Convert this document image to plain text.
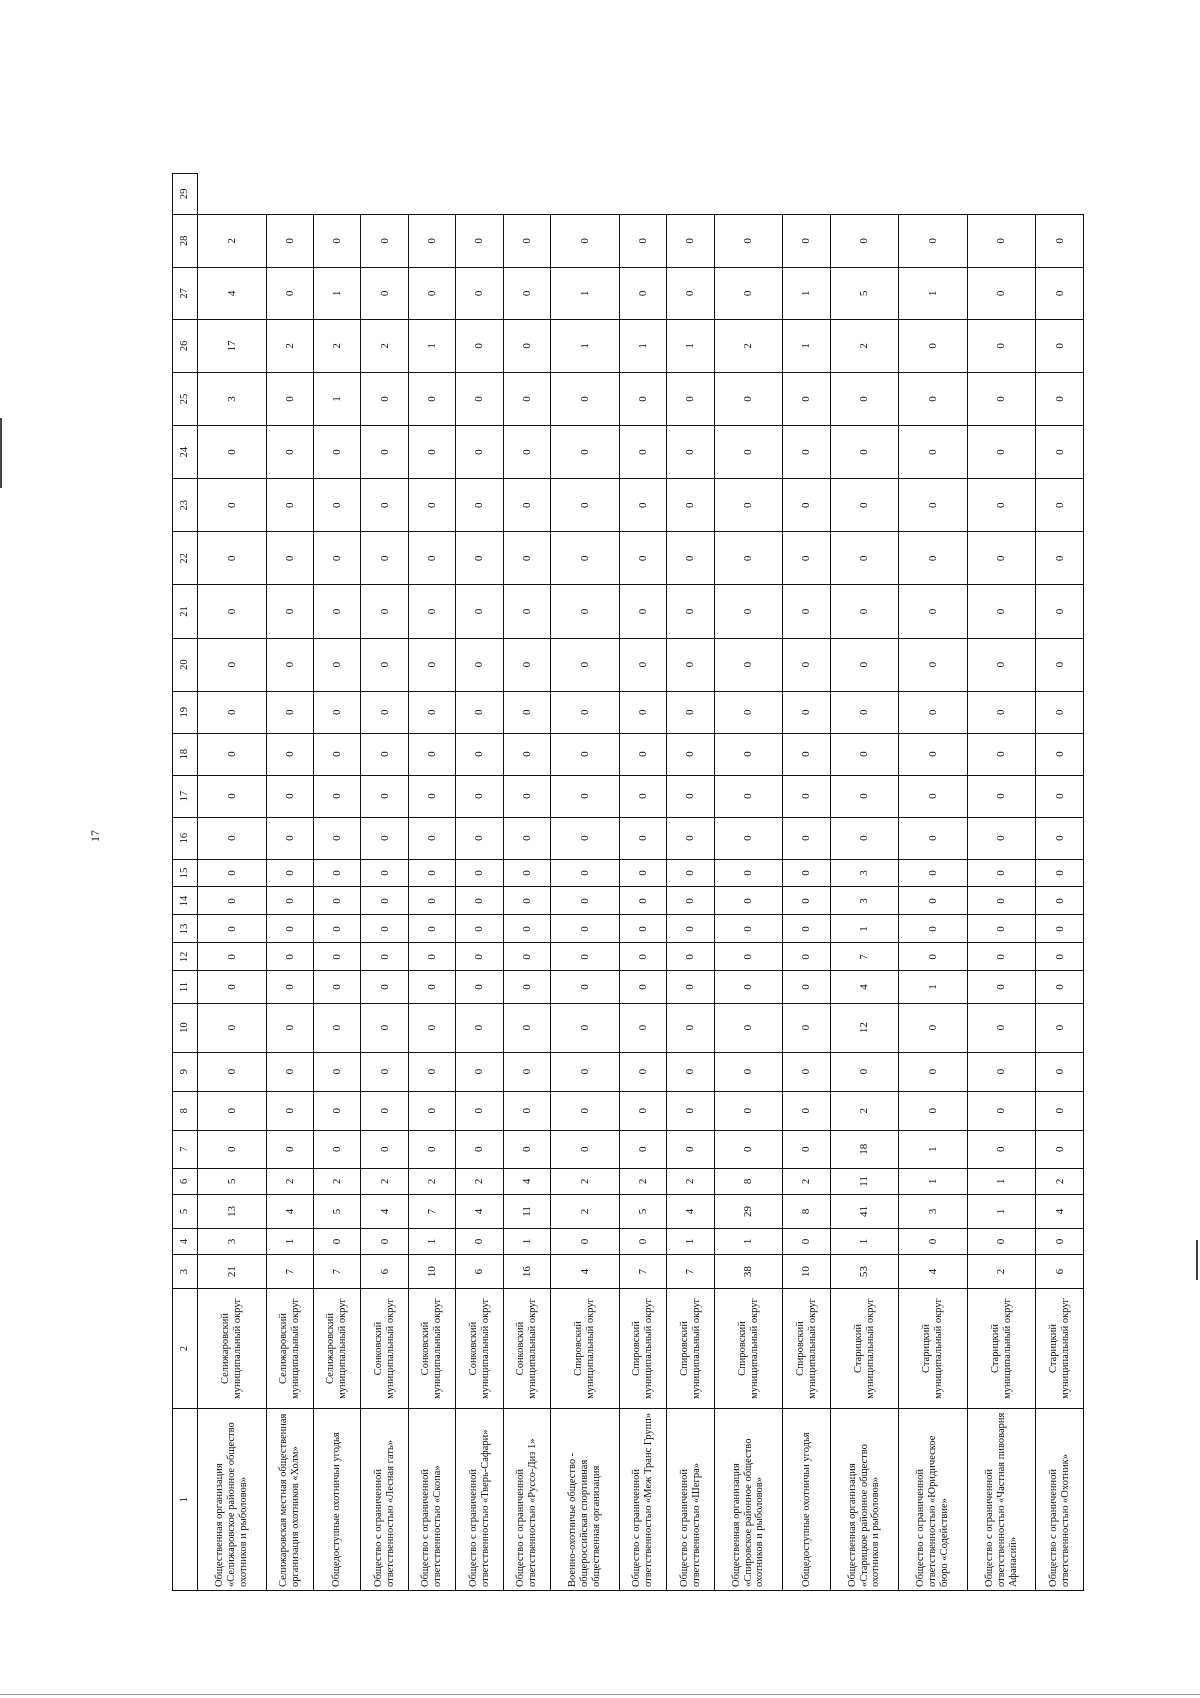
17
1	2	3	4	5	6	7	8	9	10	11	12	13	14	15	16	17	18	19	20	21	22	23	24	25	26	27	28	29
Общественная организация «Селижаровское районное общество охотников и рыболовов»	Селижаровский муниципальный округ	21	3	13	5	0	0	0	0	0	0	0	0	0	0	0	0	0	0	0	0	0	0	3	17	4	2	
Селижаровская местная общественная организация охотников «Холм»	Селижаровский муниципальный округ	7	1	4	2	0	0	0	0	0	0	0	0	0	0	0	0	0	0	0	0	0	0	0	2	0	0	
Общедоступные охотничьи угодья	Селижаровский муниципальный округ	7	0	5	2	0	0	0	0	0	0	0	0	0	0	0	0	0	0	0	0	0	0	1	2	1	0	
Общество с ограниченной ответственностью «Лесная гать»	Сонковский муниципальный округ	6	0	4	2	0	0	0	0	0	0	0	0	0	0	0	0	0	0	0	0	0	0	0	2	0	0	
Общество с ограниченной ответственностью «Скопа»	Сонковский муниципальный округ	10	1	7	2	0	0	0	0	0	0	0	0	0	0	0	0	0	0	0	0	0	0	0	1	0	0	
Общество с ограниченной ответственностью «Тверь-Сафари»	Сонковский муниципальный округ	6	0	4	2	0	0	0	0	0	0	0	0	0	0	0	0	0	0	0	0	0	0	0	0	0	0	
Общество с ограниченной ответственностью «Руссо-Диз 1»	Сонковский муниципальный округ	16	1	11	4	0	0	0	0	0	0	0	0	0	0	0	0	0	0	0	0	0	0	0	0	0	0	
Военно-охотничье общество - общероссийская спортивная общественная организация	Спировский муниципальный округ	4	0	2	2	0	0	0	0	0	0	0	0	0	0	0	0	0	0	0	0	0	0	0	1	1	0	
Общество с ограниченной ответственностью «Меж Транс Групп»	Спировский муниципальный округ	7	0	5	2	0	0	0	0	0	0	0	0	0	0	0	0	0	0	0	0	0	0	0	1	0	0	
Общество с ограниченной ответственностью «Шегра»	Спировский муниципальный округ	7	1	4	2	0	0	0	0	0	0	0	0	0	0	0	0	0	0	0	0	0	0	0	1	0	0	
Общественная организация «Спировское районное общество охотников и рыболовов»	Спировский муниципальный округ	38	1	29	8	0	0	0	0	0	0	0	0	0	0	0	0	0	0	0	0	0	0	0	2	0	0	
Общедоступные охотничьи угодья	Спировский муниципальный округ	10	0	8	2	0	0	0	0	0	0	0	0	0	0	0	0	0	0	0	0	0	0	0	1	1	0	
Общественная организация «Старицкое районное общество охотников и рыболовов»	Старицкий муниципальный округ	53	1	41	11	18	2	0	12	4	7	1	3	3	0	0	0	0	0	0	0	0	0	0	2	5	0	
Общество с ограниченной ответственностью «Юридическое бюро «Содействие»	Старицкий муниципальный округ	4	0	3	1	1	0	0	0	1	0	0	0	0	0	0	0	0	0	0	0	0	0	0	0	1	0	
Общество с ограниченной ответственностью «Частная пивоварня Афанасий»	Старицкий муниципальный округ	2	0	1	1	0	0	0	0	0	0	0	0	0	0	0	0	0	0	0	0	0	0	0	0	0	0	
Общество с ограниченной ответственностью «Охотник»	Старицкий муниципальный округ	6	0	4	2	0	0	0	0	0	0	0	0	0	0	0	0	0	0	0	0	0	0	0	0	0	0	
